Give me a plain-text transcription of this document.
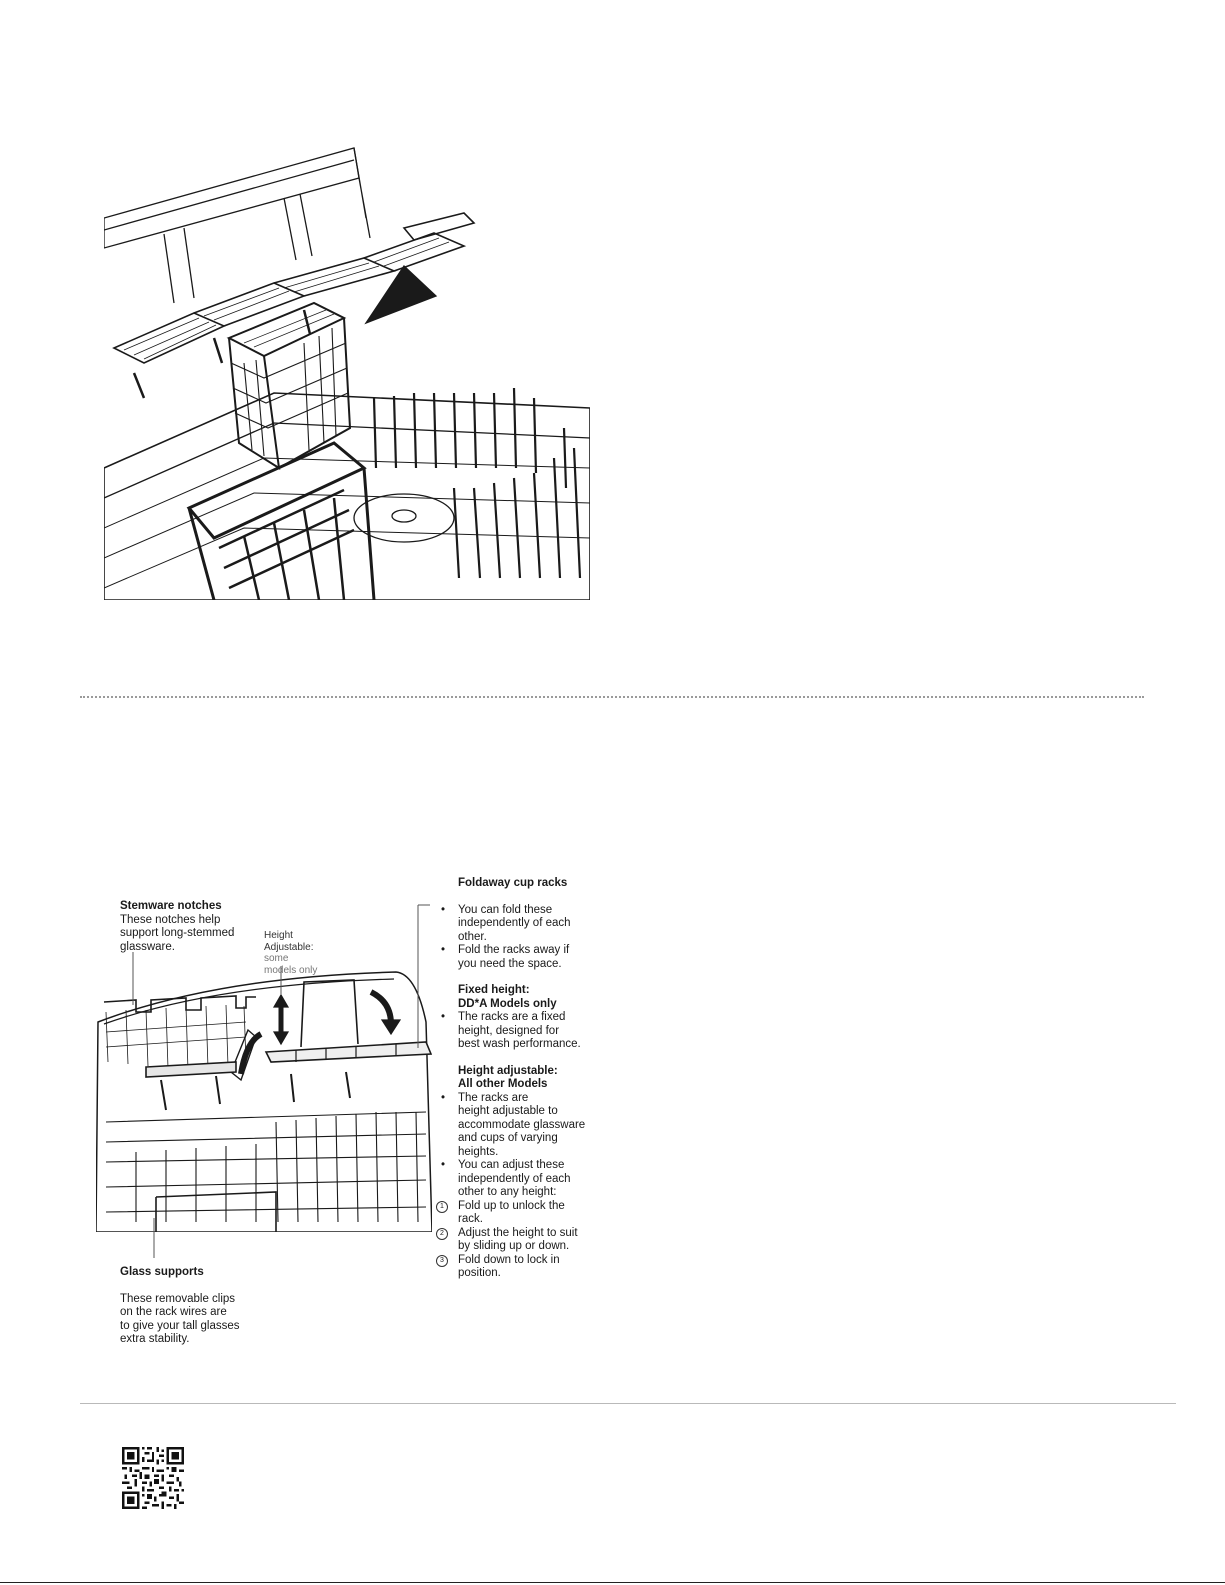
Stemware notches
These notches help
support long-stemmed
glassware.
Height
Adjustable:
some
models only
Glass supports
These removable clips
on the rack wires are
to give your tall glasses
extra stability.
Foldaway cup racks
•	You can fold these
independently of each
other.
•	Fold the racks away if
you need the space.
Fixed height:
DD*A Models only
•	The racks are a fixed
height, designed for
best wash performance.
Height adjustable:
All other Models
•	The racks are
height adjustable to
accommodate glassware
and cups of varying
heights.
•	You can adjust these
independently of each
other to any height:
1	Fold up to unlock the
rack.
2	Adjust the height to suit
by sliding up or down.
3	Fold down to lock in
position.
